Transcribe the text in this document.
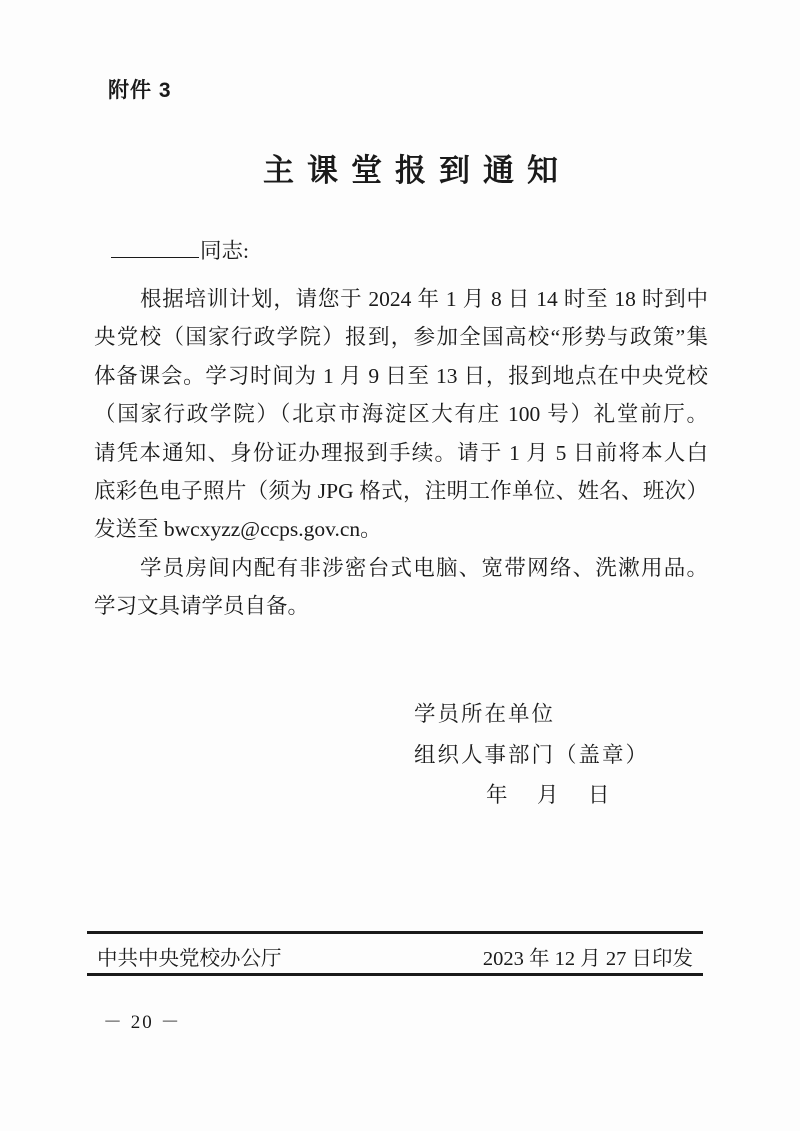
附件 3
主课堂报到通知
同志:
根据培训计划，请您于 2024 年 1 月 8 日 14 时至 18 时到中
央党校（国家行政学院）报到，参加全国高校“形势与政策”集
体备课会。学习时间为 1 月 9 日至 13 日，报到地点在中央党校
（国家行政学院）（北京市海淀区大有庄 100 号）礼堂前厅。
请凭本通知、身份证办理报到手续。请于 1 月 5 日前将本人白
底彩色电子照片（须为 JPG 格式，注明工作单位、姓名、班次）
发送至 bwcxyzz@ccps.gov.cn。
学员房间内配有非涉密台式电脑、宽带网络、洗漱用品。
学习文具请学员自备。
学员所在单位
组织人事部门（盖章）
年　月　日
中共中央党校办公厅	2023 年 12 月 27 日印发
－ 20 －
